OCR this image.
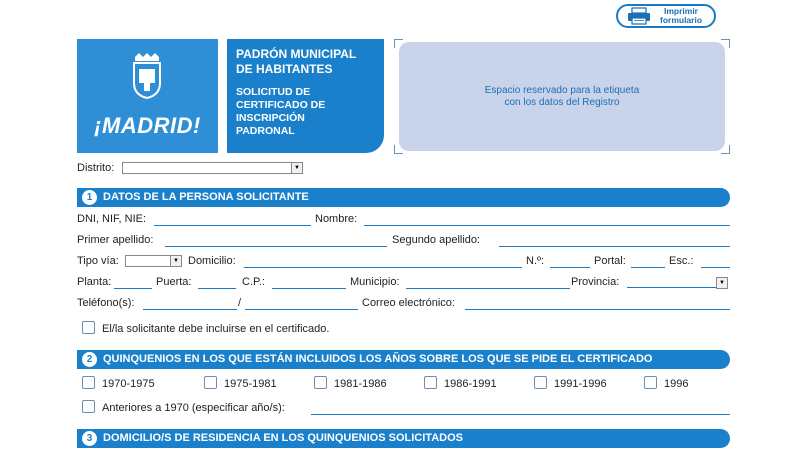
Imprimir
formulario
¡MADRID!
PADRÓN MUNICIPAL
DE HABITANTES
SOLICITUD DE
CERTIFICADO DE
INSCRIPCIÓN
PADRONAL
Espacio reservado para la etiqueta
con los datos del Registro
Distrito:	▼
1 DATOS DE LA PERSONA SOLICITANTE
DNI, NIF, NIE:	Nombre:
Primer apellido:	Segundo apellido:
Tipo vía:	▼ Domicilio:	N.º:	Portal:	Esc.:
Planta:	Puerta:	C.P.:	Municipio:	Provincia:	▼
Teléfono(s):	/	Correo electrónico:
El/la solicitante debe incluirse en el certificado.
2 QUINQUENIOS EN LOS QUE ESTÁN INCLUIDOS LOS AÑOS SOBRE LOS QUE SE PIDE EL CERTIFICADO
1970-1975	1975-1981	1981-1986	1986-1991	1991-1996	1996
Anteriores a 1970 (especificar año/s):
3 DOMICILIO/S DE RESIDENCIA EN LOS QUINQUENIOS SOLICITADOS
